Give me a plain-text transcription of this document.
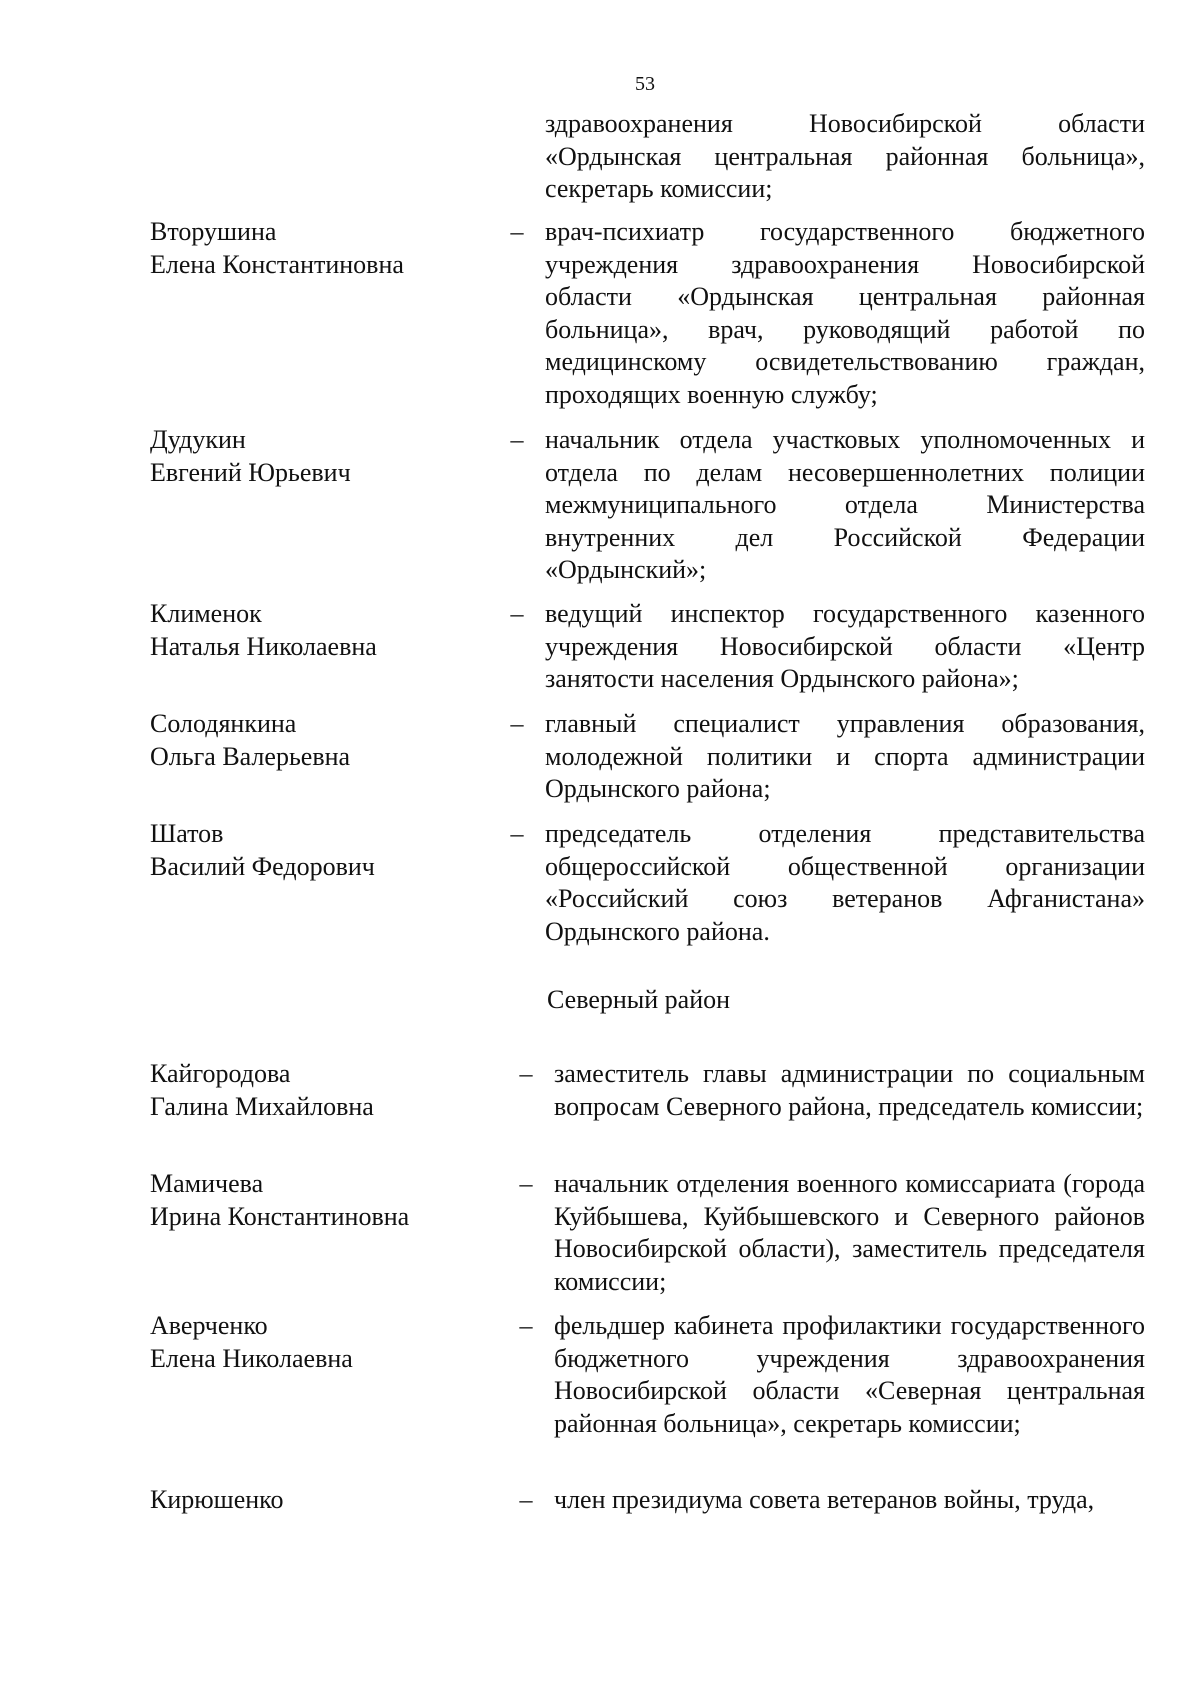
53
здравоохранения Новосибирской области «Ордынская центральная районная больница», секретарь комиссии;
Вторушина
Елена Константиновна
– врач-психиатр государственного бюджетного учреждения здравоохранения Новосибирской области «Ордынская центральная районная больница», врач, руководящий работой по медицинскому освидетельствованию граждан, проходящих военную службу;
Дудукин
Евгений Юрьевич
– начальник отдела участковых уполномоченных и отдела по делам несовершеннолетних полиции межмуниципального отдела Министерства внутренних дел Российской Федерации «Ордынский»;
Клименок
Наталья Николаевна
– ведущий инспектор государственного казенного учреждения Новосибирской области «Центр занятости населения Ордынского района»;
Солодянкина
Ольга Валерьевна
– главный специалист управления образования, молодежной политики и спорта администрации Ордынского района;
Шатов
Василий Федорович
– председатель отделения представительства общероссийской общественной организации «Российский союз ветеранов Афганистана» Ордынского района.
Северный район
Кайгородова
Галина Михайловна
– заместитель главы администрации по социальным вопросам Северного района, председатель комиссии;
Мамичева
Ирина Константиновна
– начальник отделения военного комиссариата (города Куйбышева, Куйбышевского и Северного районов Новосибирской области), заместитель председателя комиссии;
Аверченко
Елена Николаевна
– фельдшер кабинета профилактики государственного бюджетного учреждения здравоохранения Новосибирской области «Северная центральная районная больница», секретарь комиссии;
Кирюшенко	– член президиума совета ветеранов войны, труда,
